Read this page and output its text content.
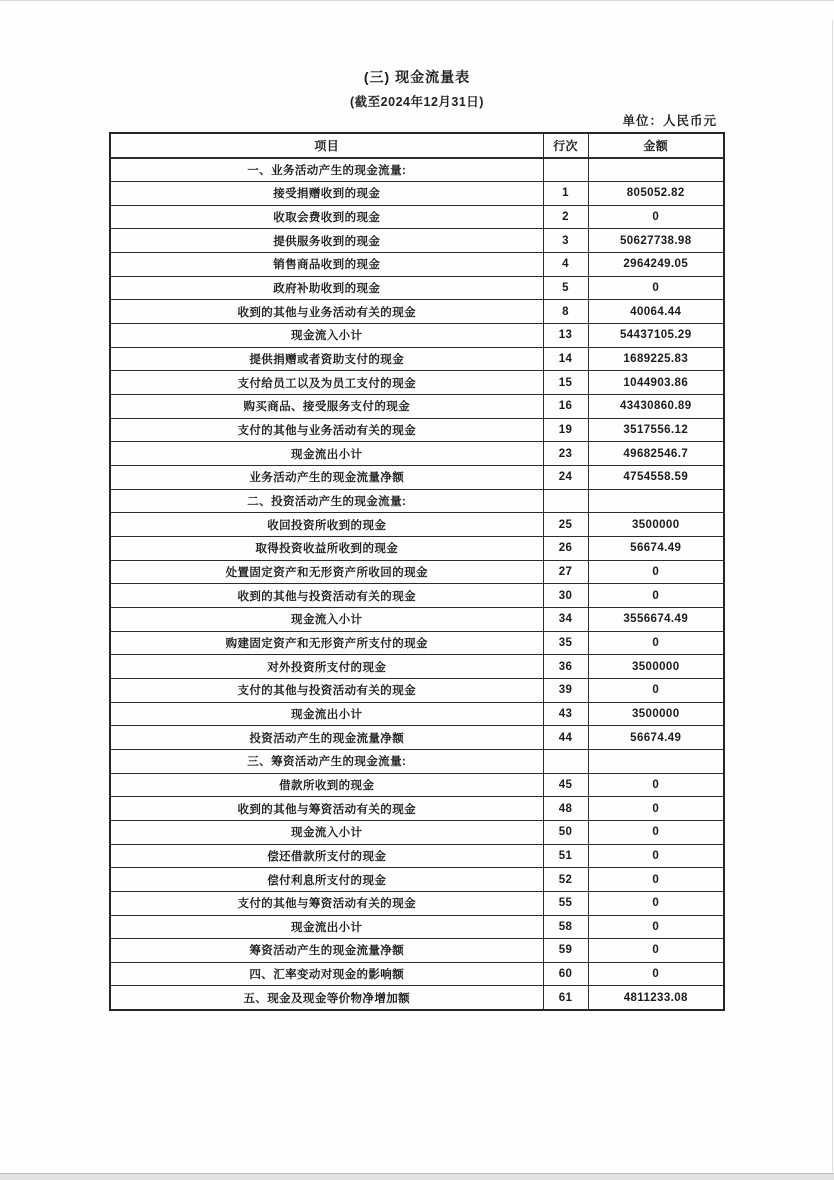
(三) 现金流量表
(截至2024年12月31日)
单位：人民币元
项目	行次	金额
一、业务活动产生的现金流量:		
接受捐赠收到的现金	1	805052.82
收取会费收到的现金	2	0
提供服务收到的现金	3	50627738.98
销售商品收到的现金	4	2964249.05
政府补助收到的现金	5	0
收到的其他与业务活动有关的现金	8	40064.44
现金流入小计	13	54437105.29
提供捐赠或者资助支付的现金	14	1689225.83
支付给员工以及为员工支付的现金	15	1044903.86
购买商品、接受服务支付的现金	16	43430860.89
支付的其他与业务活动有关的现金	19	3517556.12
现金流出小计	23	49682546.7
业务活动产生的现金流量净额	24	4754558.59
二、投资活动产生的现金流量:		
收回投资所收到的现金	25	3500000
取得投资收益所收到的现金	26	56674.49
处置固定资产和无形资产所收回的现金	27	0
收到的其他与投资活动有关的现金	30	0
现金流入小计	34	3556674.49
购建固定资产和无形资产所支付的现金	35	0
对外投资所支付的现金	36	3500000
支付的其他与投资活动有关的现金	39	0
现金流出小计	43	3500000
投资活动产生的现金流量净额	44	56674.49
三、筹资活动产生的现金流量:		
借款所收到的现金	45	0
收到的其他与筹资活动有关的现金	48	0
现金流入小计	50	0
偿还借款所支付的现金	51	0
偿付利息所支付的现金	52	0
支付的其他与筹资活动有关的现金	55	0
现金流出小计	58	0
筹资活动产生的现金流量净额	59	0
四、汇率变动对现金的影响额	60	0
五、现金及现金等价物净增加额	61	4811233.08
